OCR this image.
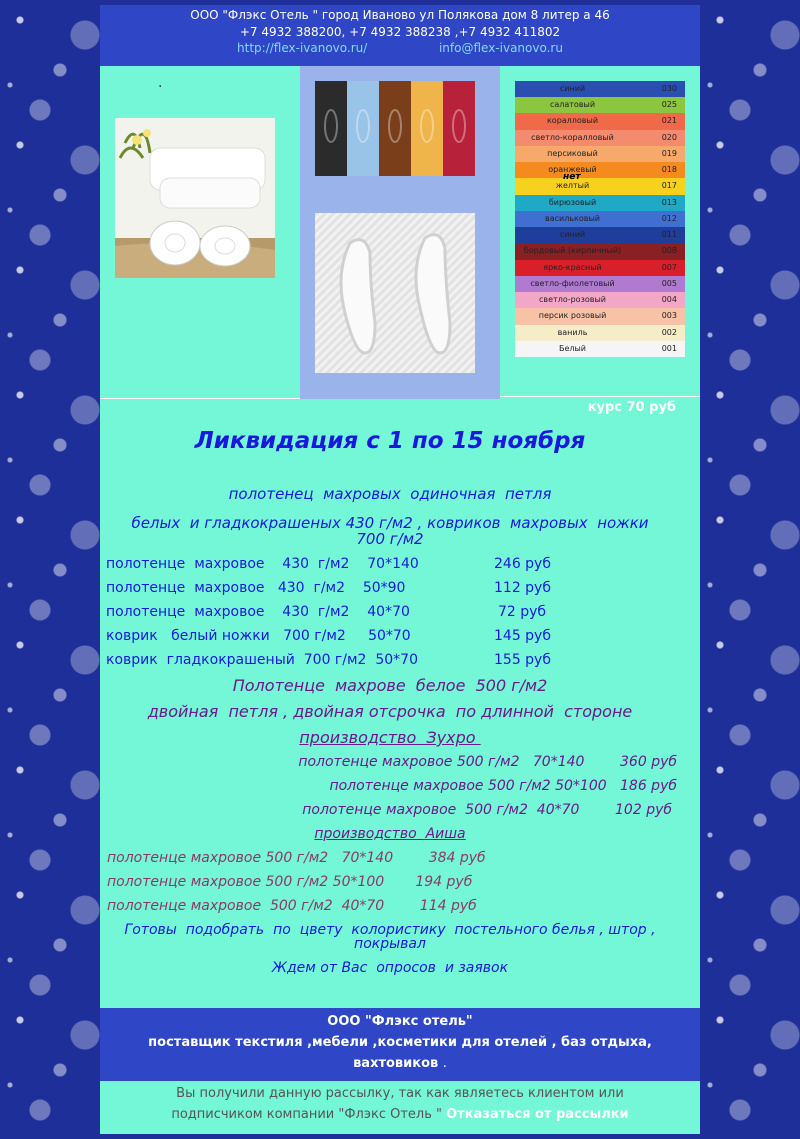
ООО "Флэкс Отель " город Иваново ул Полякова дом 8 литер а 46
+7 4932 388200, +7 4932 388238 ,+7 4932 411802
http://flex-ivanovo.ru/	info@flex-ivanovo.ru
.	синий	030
салатовый	025
коралловый	021
светло-коралловый	020
персиковый	019
оранжевый	018
желтый	017
бирюзовый	013
васильковый	012
синий	011
бордовый (кирпичный)	008
ярко-красный	007
светло-фиолетовый	005
светло-розовый	004
персик розовый	003
ваниль	002
Белый	001
нет
курс 70 руб
Ликвидация с 1 по 15 ноября
полотенец  махровых  одиночная  петля
белых  и гладкокрашеных 430 г/м2 , ковриков  махровых  ножки
700 г/м2
полотенце  махровое    430  г/м2    70*140	246 руб
полотенце  махровое   430  г/м2    50*90	112 руб
полотенце  махровое    430  г/м2    40*70	72 руб
коврик   белый ножки   700 г/м2     50*70	145 руб
коврик  гладкокрашеный  700 г/м2  50*70	155 руб
Полотенце  махрове  белое  500 г/м2
двойная  петля , двойная отсрочка  по длинной  стороне
производство  Зухро
полотенце махровое 500 г/м2   70*140        360 руб
полотенце махровое 500 г/м2 50*100   186 руб
полотенце махровое  500 г/м2  40*70        102 руб
производство  Аиша
полотенце махровое 500 г/м2   70*140        384 руб
полотенце махровое 500 г/м2 50*100       194 руб
полотенце махровое  500 г/м2  40*70        114 руб
Готовы  подобрать  по  цвету  колористику  постельного белья , штор ,
покрывал
Ждем от Вас  опросов  и заявок
ООО "Флэкс отель"
поставщик текстиля ,мебели ,косметики для отелей , баз отдыха,
вахтовиков .
Вы получили данную рассылку, так как являетесь клиентом или
подписчиком компании "Флэкс Отель " Отказаться от рассылки
